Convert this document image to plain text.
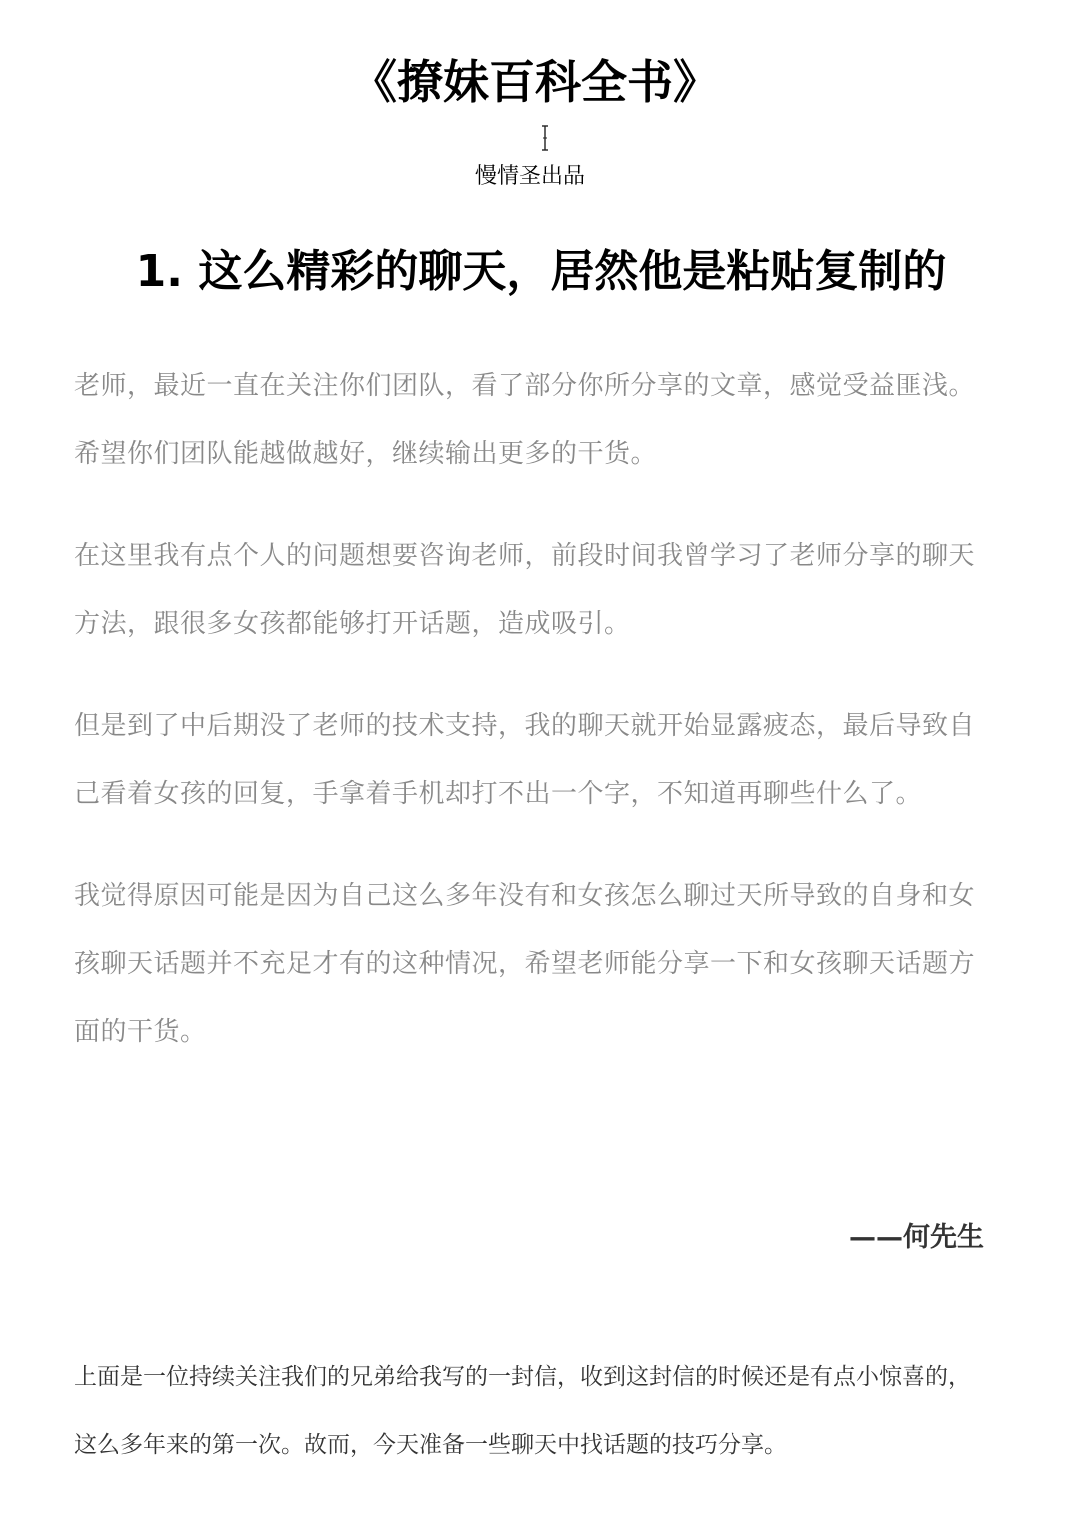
《撩妹百科全书》
慢情圣出品
1. 这么精彩的聊天，居然他是粘贴复制的

老师，最近一直在关注你们团队，看了部分你所分享的文章，感觉受益匪浅。希望你们团队能越做越好，继续输出更多的干货。

在这里我有点个人的问题想要咨询老师，前段时间我曾学习了老师分享的聊天方法，跟很多女孩都能够打开话题，造成吸引。

但是到了中后期没了老师的技术支持，我的聊天就开始显露疲态，最后导致自己看着女孩的回复，手拿着手机却打不出一个字，不知道再聊些什么了。

我觉得原因可能是因为自己这么多年没有和女孩怎么聊过天所导致的自身和女孩聊天话题并不充足才有的这种情况，希望老师能分享一下和女孩聊天话题方面的干货。

——何先生

上面是一位持续关注我们的兄弟给我写的一封信，收到这封信的时候还是有点小惊喜的，这么多年来的第一次。故而，今天准备一些聊天中找话题的技巧分享。
